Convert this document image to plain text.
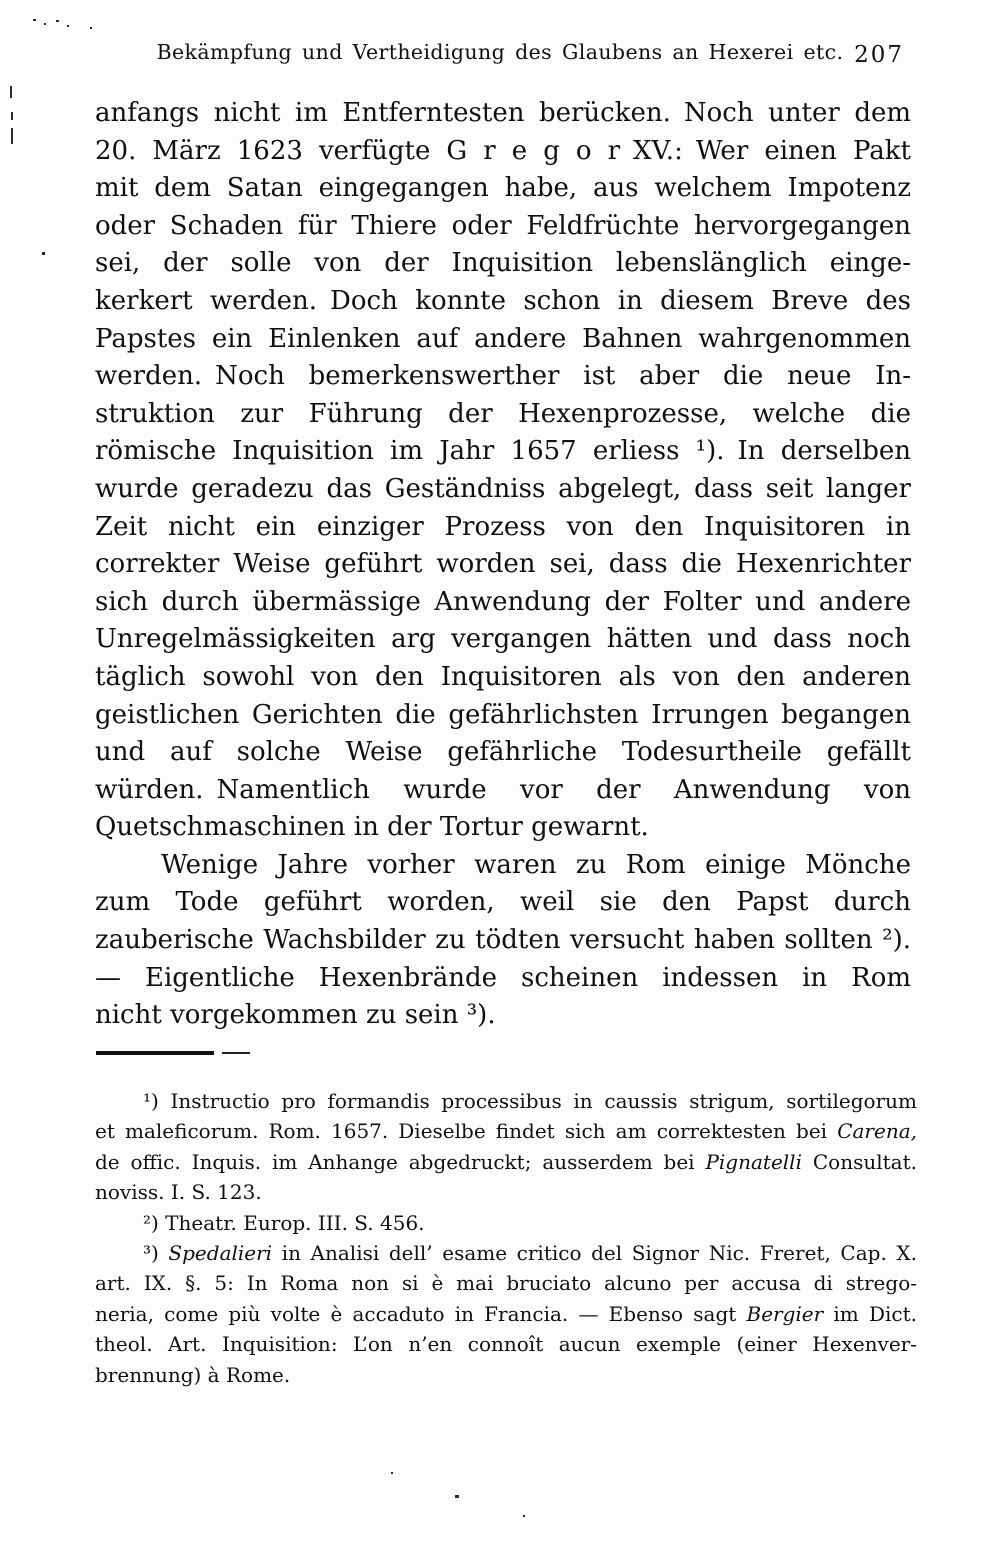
Bekämpfung und Vertheidigung des Glaubens an Hexerei etc. 207
anfangs nicht im Entferntesten berücken. Noch unter dem
20. März 1623 verfügte G r e g o r XV.: Wer einen Pakt
mit dem Satan eingegangen habe, aus welchem Impotenz
oder Schaden für Thiere oder Feldfrüchte hervorgegangen
sei, der solle von der Inquisition lebenslänglich einge-
kerkert werden. Doch konnte schon in diesem Breve des
Papstes ein Einlenken auf andere Bahnen wahrgenommen
werden. Noch bemerkenswerther ist aber die neue In-
struktion zur Führung der Hexenprozesse, welche die
römische Inquisition im Jahr 1657 erliess ¹). In derselben
wurde geradezu das Geständniss abgelegt, dass seit langer
Zeit nicht ein einziger Prozess von den Inquisitoren in
correkter Weise geführt worden sei, dass die Hexenrichter
sich durch übermässige Anwendung der Folter und andere
Unregelmässigkeiten arg vergangen hätten und dass noch
täglich sowohl von den Inquisitoren als von den anderen
geistlichen Gerichten die gefährlichsten Irrungen begangen
und auf solche Weise gefährliche Todesurtheile gefällt
würden. Namentlich wurde vor der Anwendung von
Quetschmaschinen in der Tortur gewarnt.
Wenige Jahre vorher waren zu Rom einige Mönche
zum Tode geführt worden, weil sie den Papst durch
zauberische Wachsbilder zu tödten versucht haben sollten ²).
— Eigentliche Hexenbrände scheinen indessen in Rom
nicht vorgekommen zu sein ³).
¹) Instructio pro formandis processibus in caussis strigum, sortilegorum
et maleficorum. Rom. 1657. Dieselbe findet sich am correktesten bei Carena,
de offic. Inquis. im Anhange abgedruckt; ausserdem bei Pignatelli Consultat.
noviss. I. S. 123.
²) Theatr. Europ. III. S. 456.
³) Spedalieri in Analisi dell’ esame critico del Signor Nic. Freret, Cap. X.
art. IX. §. 5: In Roma non si è mai bruciato alcuno per accusa di strego-
neria, come più volte è accaduto in Francia. — Ebenso sagt Bergier im Dict.
theol. Art. Inquisition: L’on n’en connoît aucun exemple (einer Hexenver-
brennung) à Rome.
